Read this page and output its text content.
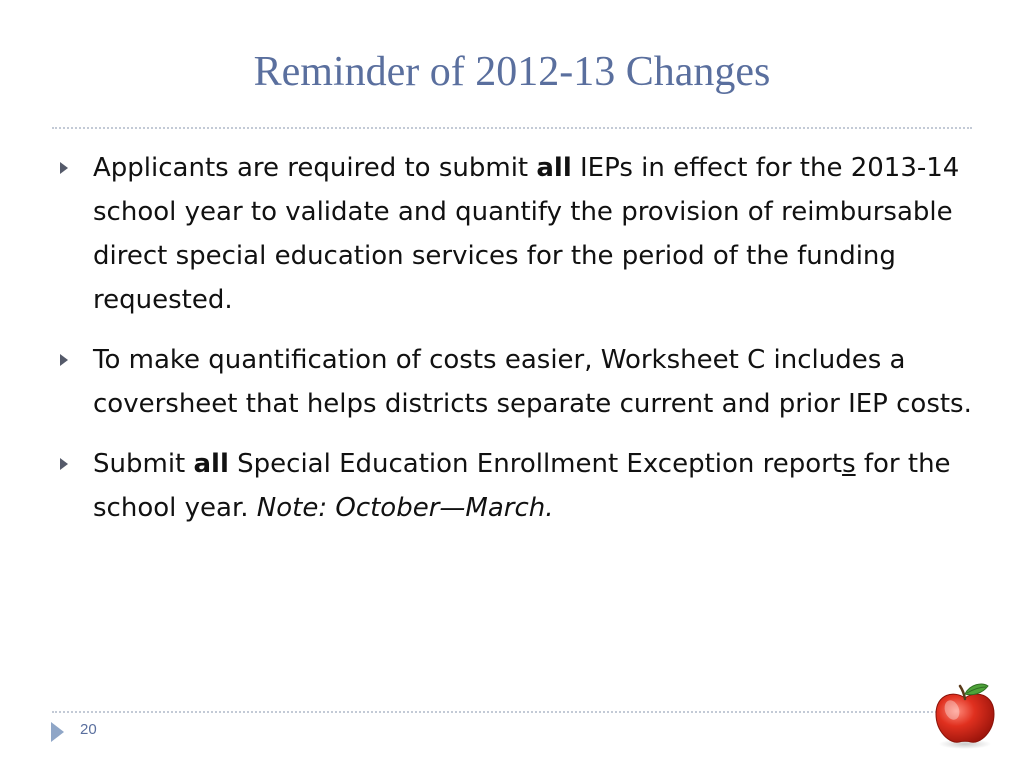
Reminder of 2012-13 Changes
Applicants are required to submit all IEPs in effect for the 2013-14 school year to validate and quantify the provision of reimbursable direct special education services for the period of the funding requested.
To make quantification of costs easier, Worksheet C includes a coversheet that helps districts separate current and prior IEP costs.
Submit all Special Education Enrollment Exception reports for the school year. Note: October—March.
20
